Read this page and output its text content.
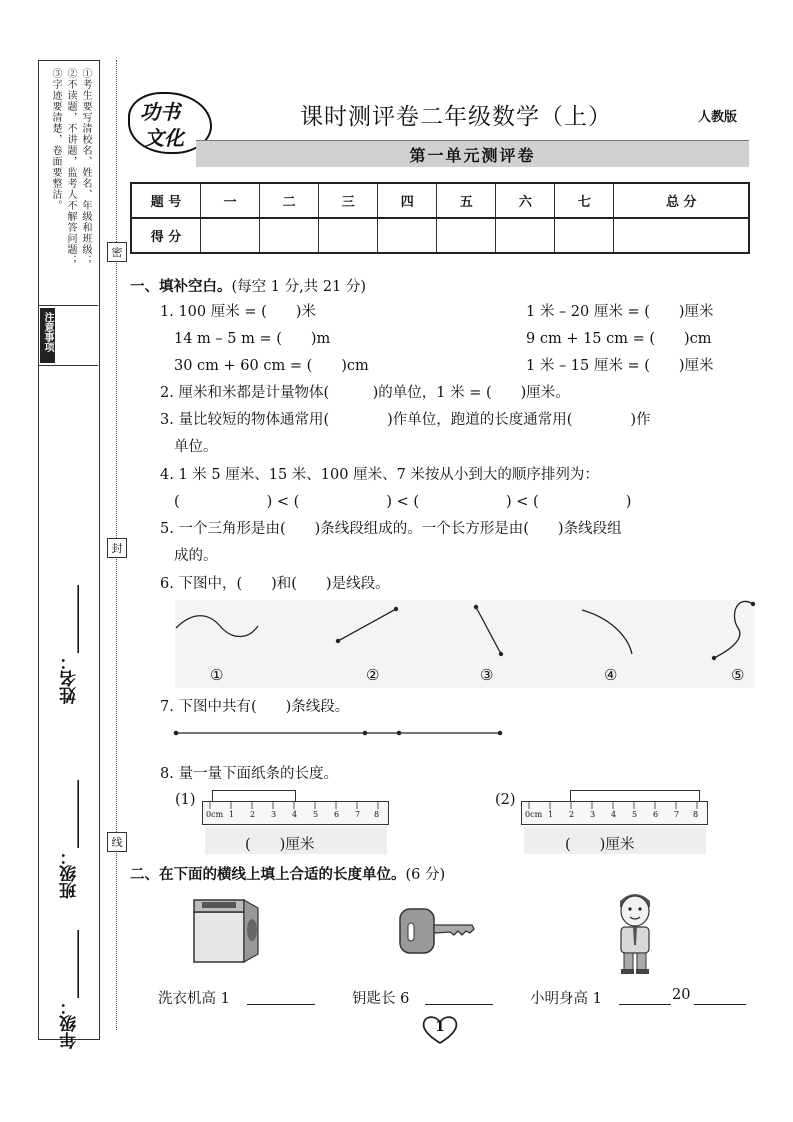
①考生要写清校名、姓名、年级和班级；
②不读题，不讲题，监考人不解答问题；
③字迹要清楚，卷面要整洁。
注意事项
姓名：________
班级：________
年级：________
密
封
线
功书
文化
课时测评卷二年级数学（上）	人教版
第一单元测评卷
题 号	一	二	三	四	五	六	七	总 分
得 分								
一、填补空白。(每空 1 分,共 21 分)
1. 100 厘米 = (　　)米	1 米 – 20 厘米 = (　　)厘米
14 m – 5 m = (　　)m	9 cm + 15 cm = (　　)cm
30 cm + 60 cm = (　　)cm	1 米 – 15 厘米 = (　　)厘米
2. 厘米和米都是计量物体(　　　)的单位，1 米 = (　　)厘米。
3. 量比较短的物体通常用(　　　　)作单位，跑道的长度通常用(　　　　)作
单位。
4. 1 米 5 厘米、15 米、100 厘米、7 米按从小到大的顺序排列为：
(　　　　　　) < (　　　　　　) < (　　　　　　) < (　　　　　　)
5. 一个三角形是由(　　)条线段组成的。一个长方形是由(　　)条线段组
成的。
6. 下图中，(　　)和(　　)是线段。
①	②	③	④	⑤
7. 下图中共有(　　)条线段。
8. 量一量下面纸条的长度。
(1)
0cm 1 2 3 4 5 6 7 8
(　　)厘米
(2)
0cm 1 2 3 4 5 6 7 8
(　　)厘米
二、在下面的横线上填上合适的长度单位。(6 分)
洗衣机高 1	钥匙长 6	小明身高 1	20
1
